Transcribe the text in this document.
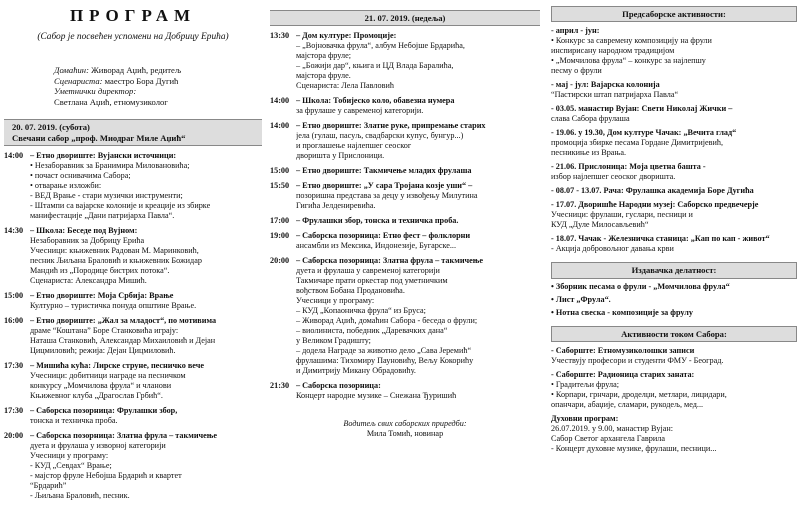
ПРОГРАМ
(Сабор је посвећен успомени на Добрицу Ерића)
Домаћин: Живорад Аџић, редитељ
Сценариста: маестро Бора Дугић
Уметнички директор:
Светлана Аџић, етномузиколог
20. 07. 2019. (субота)
Свечани сабор „проф. Миодраг Миле Аџић“
14:00 – Етно двориште: Вујански источници:
• Незаборавник за Бранимира Миловановића;
• почаст оснивачима Сабора;
• отварање изложби:
- ВЕД Врање - стари музички инструменти;
- Штампи са вајарске колоније и креације из збирке
манифестације „Дани патријарха Павла“.
14:30 – Школа: Беседе под Вујном:
Незаборавник за Добрицу Ерића
Учесници: књижевник Радован М. Маринковић,
песник Љиљана Браловић и књижевник Божидар
Мандић из „Породице бистрих потока“.
Сценариста: Александра Мишић.
15:00 – Етно двориште: Моја Србија: Врање
Културно – туристичка понуда општине Врање.
16:00 – Етно двориште: „Жал за младост“, по мотивима
драме “Коштана” Боре Станковића играју:
Наташа Станковић, Александар Михаиловић и Дејан
Цицмиловић; режија: Дејан Цицмиловић.
17:30 – Мишића кућа: Лирске струне, песничко вече
Учесници: добитници награде на песничком
конкурсу „Момчилова фрула“ и чланови
Књижевног клуба „Драгослав Грбић“.
17:30 – Саборска позорница: Фрулашки збор,
тонска и техничка проба.
20:00 – Саборска позорница: Златна фрула – такмичење
дуета и фрулаша у изворној категорији
Учесници у програму:
- КУД „Севдах“ Врање;
- мајстор фруле Небојша Брдарић и квартет
“Брдарић”
- Љиљана Браловић, песник.
21. 07. 2019. (недеља)
13:30 – Дом културе: Промоције:
– „Војновачка фрула“, албум Небојше Брдарића,
мајстора фруле;
– „Божији дар“, књига и ЦД Влада Баралића,
мајстора фруле.
Сценариста: Лела Павловић
14:00 – Школа: Тобијеско коло, обавезна нумера
за фрулаше у савременој категорији.
14:00 – Етно двориште: Златне руке, припремање старих
јела (гулаш, пасуљ, свадбарски купус, бунгур...)
и проглашење најлепшег сеоског
дворишта у Прислоници.
15:00 – Етно двориште: Такмичење младих фрулаша
15:50 – Етно двориште: „У сара Тројана козје уши“ –
позоришна представа за децу у извођењу Милутина
Гигића Јелдениревића.
17:00 – Фрулашки збор, тонска и техничка проба.
19:00 – Саборска позорница: Етно фест – фолклорни
ансамбли из Мексика, Индонезије, Бугарске...
20:00 – Саборска позорница: Златна фрула – такмичење
дуета и фрулаша у савременој категорији
Такмичаре прати оркестар под уметничким
вођством Бобана Продановића.
Учесници у програму:
– КУД „Копаоничка фрула“ из Бруса;
– Живорад Аџић, домаћин Сабора - беседа о фрули;
– виолиниста, победник „Даревачких дана“
у Великом Градишту;
– додела Награде за животно дело „Сава Јеремић“
фрулашима: Тихомиру Пауновићу, Вељу Кокорићу
и Димитрију Микану Обрадовићу.
21:30 – Саборска позорница:
Концерт народне музике – Снежана Ђуришић
Водитељ свих саборских приредби:
Мила Томић, новинар
Предсаборске активности:
- април - јун:
• Конкурс за савремену композицију на фрули
инспирисану народном традицијом
• „Момчилова фрула“ – конкурс за најлепшу
песму о фрули
- мај - јул: Вајарска колонија
“Пастирски штап патријарха Павла“
- 03.05. манастир Вујан: Свети Николај Жички –
слава Сабора фрулаша
- 19.06. у 19.30, Дом културе Чачак: „Вечита глад“
промоција збирке песама Гордане Димитријевић,
песникиње из Врања.
- 21.06. Прислоница: Моја цветна башта -
избор најлепшег сеоског дворишта.
- 08.07 - 13.07. Рача: Фрулашка академија Боре Дугића
- 17.07. Дворишће Народни музеј: Саборско предвечерје
Учесници: фрулаши, гуслари, песници и
КУД „Дуле Милосављевић“
- 18.07. Чачак - Железничка станица: „Кап по кап - живот“
- Акција добровољног давања крви
Издавачка делатност:
• Зборник песама о фрули - „Момчилова фрула“
• Лист „Фрула“.
• Нотна свеска - композиције за фрулу
Активности током Сабора:
- Саборште: Етномузиколошки записи
Учествују професори и студенти ФМУ - Београд.
- Саборште: Радионица старих заната:
• Градитељи фрула;
• Корпари, грнчари, дроделџи, метлари, лицидари,
опанчари, абаџије, сламари, рукодељ, мед...
Духовни програм:
26.07.2019. у 9.00, манастир Вујан:
Сабор Светог архангела Гаврила
- Концерт духовне музике, фрулаши, песници...
